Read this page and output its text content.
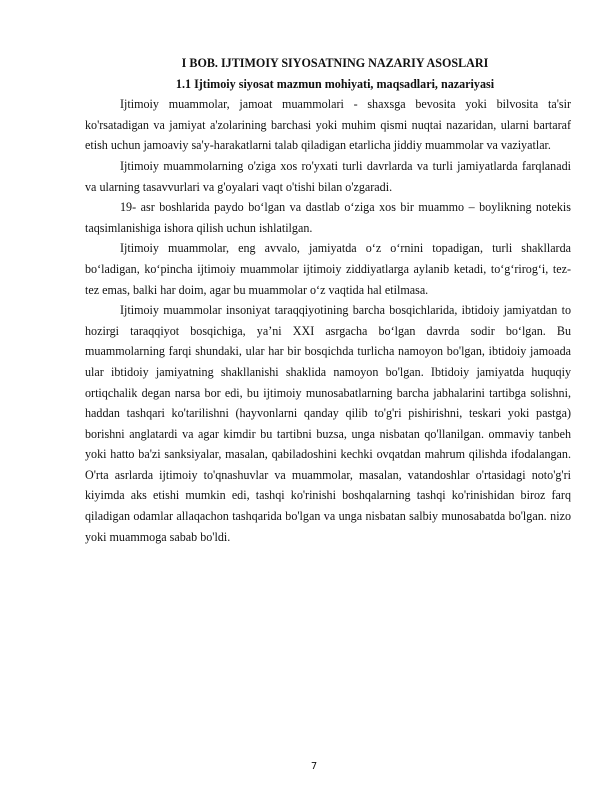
I BOB. IJTIMOIY SIYOSATNING NAZARIY ASOSLARI

1.1 Ijtimoiy siyosat mazmun mohiyati, maqsadlari, nazariyasi

Ijtimoiy muammolar, jamoat muammolari - shaxsga bevosita yoki bilvosita ta'sir ko'rsatadigan va jamiyat a'zolarining barchasi yoki muhim qismi nuqtai nazaridan, ularni bartaraf etish uchun jamoaviy sa'y-harakatlarni talab qiladigan etarlicha jiddiy muammolar va vaziyatlar.

Ijtimoiy muammolarning o'ziga xos ro'yxati turli davrlarda va turli jamiyatlarda farqlanadi va ularning tasavvurlari va g'oyalari vaqt o'tishi bilan o'zgaradi.

19- asr boshlarida paydo bo‘lgan va dastlab o‘ziga xos bir muammo – boylikning notekis taqsimlanishiga ishora qilish uchun ishlatilgan.

Ijtimoiy muammolar, eng avvalo, jamiyatda o‘z o‘rnini topadigan, turli shakllarda bo‘ladigan, ko‘pincha ijtimoiy muammolar ijtimoiy ziddiyatlarga aylanib ketadi, to‘g‘rirog‘i, tez-tez emas, balki har doim, agar bu muammolar o‘z vaqtida hal etilmasa.

Ijtimoiy muammolar insoniyat taraqqiyotining barcha bosqichlarida, ibtidoiy jamiyatdan to hozirgi taraqqiyot bosqichiga, ya’ni XXI asrgacha bo‘lgan davrda sodir bo‘lgan. Bu muammolarning farqi shundaki, ular har bir bosqichda turlicha namoyon bo'lgan, ibtidoiy jamoada ular ibtidoiy jamiyatning shakllanishi shaklida namoyon bo'lgan. Ibtidoiy jamiyatda huquqiy ortiqchalik degan narsa bor edi, bu ijtimoiy munosabatlarning barcha jabhalarini tartibga solishni, haddan tashqari ko'tarilishni (hayvonlarni qanday qilib to'g'ri pishirishni, teskari yoki pastga) borishni anglatardi va agar kimdir bu tartibni buzsa, unga nisbatan qo'llanilgan. ommaviy tanbeh yoki hatto ba'zi sanksiyalar, masalan, qabiladoshini kechki ovqatdan mahrum qilishda ifodalangan. O'rta asrlarda ijtimoiy to'qnashuvlar va muammolar, masalan, vatandoshlar o'rtasidagi noto'g'ri kiyimda aks etishi mumkin edi, tashqi ko'rinishi boshqalarning tashqi ko'rinishidan biroz farq qiladigan odamlar allaqachon tashqarida bo'lgan va unga nisbatan salbiy munosabatda bo'lgan. nizo yoki muammoga sabab bo'ldi.

7
